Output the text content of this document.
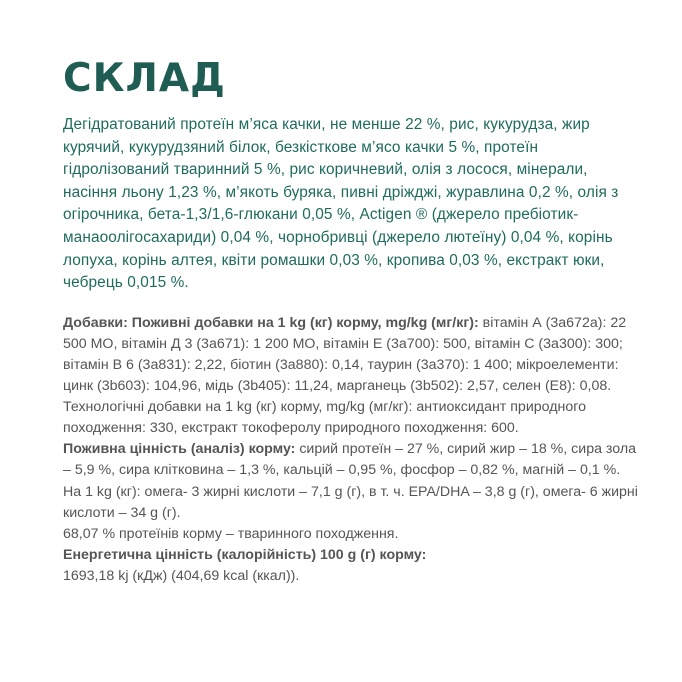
СКЛАД

Дегідратований протеїн м’яса качки, не менше 22 %, рис, кукурудза, жир курячий, кукурудзяний білок, безкісткове м’ясо качки 5 %, протеїн гідролізований тваринний 5 %, рис коричневий, олія з лосося, мінерали, насіння льону 1,23 %, м’якоть буряка, пивні дріжджі, журавлина 0,2 %, олія з огірочника, бета-1,3/1,6-глюкани 0,05 %, Actigen ® (джерело пребіотик-манаоолігосахариди) 0,04 %, чорнобривці (джерело лютеїну) 0,04 %, корінь лопуха, корінь алтея, квіти ромашки 0,03 %, кропива 0,03 %, екстракт юки, чебрець 0,015 %.

Добавки: Поживні добавки на 1 kg (кг) корму, mg/kg (мг/кг): вітамін А (3а672а): 22 500 МО, вітамін Д 3 (3а671): 1 200 МО, вітамін Е (3а700): 500, вітамін С (3а300): 300; вітамін В 6 (3а831): 2,22, біотин (3а880): 0,14, таурин (3а370): 1 400; мікроелементи: цинк (3b603): 104,96, мідь (3b405): 11,24, марганець (3b502): 2,57, селен (Е8): 0,08. Технологічні добавки на 1 kg (кг) корму, mg/kg (мг/кг): антиоксидант природного походження: 330, екстракт токоферолу природного походження: 600.

Поживна цінність (аналіз) корму: сирий протеїн – 27 %, сирий жир – 18 %, сира зола – 5,9 %, сира клітковина – 1,3 %, кальцій – 0,95 %, фосфор – 0,82 %, магній – 0,1 %. На 1 kg (кг): омега- 3 жирні кислоти – 7,1 g (г), в т. ч. EPA/DHA – 3,8 g (г), омега- 6 жирні кислоти – 34 g (г).

68,07 % протеїнів корму – тваринного походження.

Енергетична цінність (калорійність) 100 g (г) корму:

1693,18 kj (кДж) (404,69 kcal (ккал)).
